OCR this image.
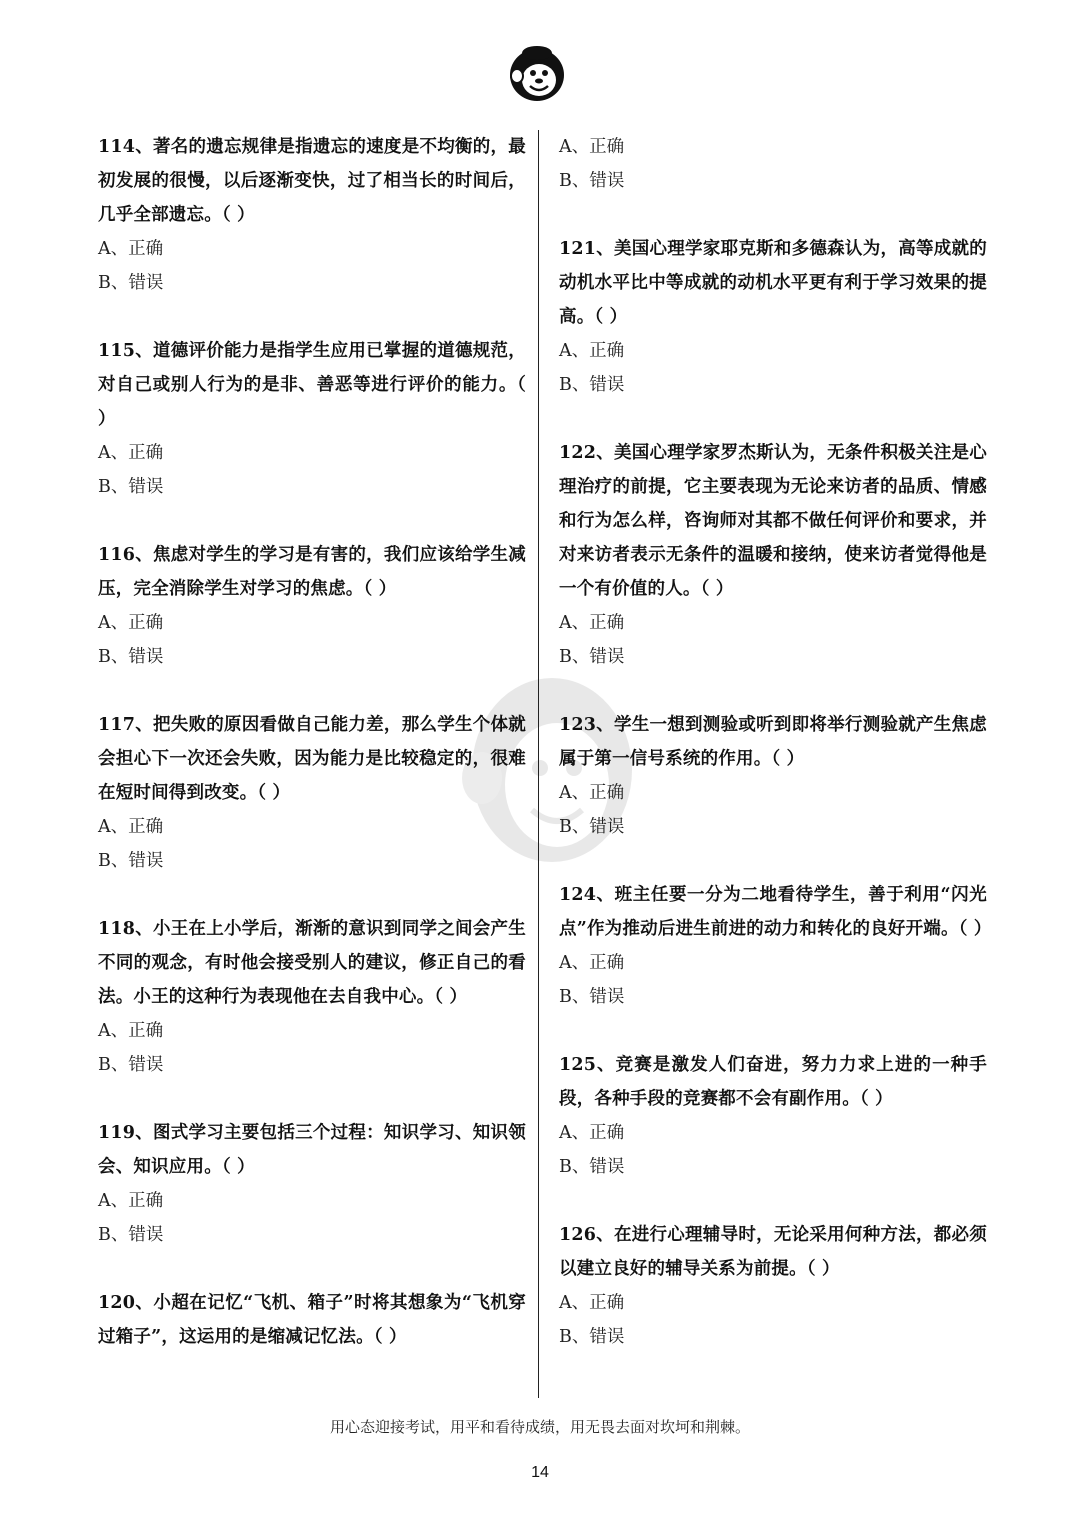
114、著名的遗忘规律是指遗忘的速度是不均衡的，最初发展的很慢，以后逐渐变快，过了相当长的时间后，几乎全部遗忘。（ ）

A、正确

B、错误

115、道德评价能力是指学生应用已掌握的道德规范，对自己或别人行为的是非、善恶等进行评价的能力。（ ）

A、正确

B、错误

116、焦虑对学生的学习是有害的，我们应该给学生减压，完全消除学生对学习的焦虑。（ ）

A、正确

B、错误

117、把失败的原因看做自己能力差，那么学生个体就会担心下一次还会失败，因为能力是比较稳定的，很难在短时间得到改变。（ ）

A、正确

B、错误

118、小王在上小学后，渐渐的意识到同学之间会产生不同的观念，有时他会接受别人的建议，修正自己的看法。小王的这种行为表现他在去自我中心。（ ）

A、正确

B、错误

119、图式学习主要包括三个过程：知识学习、知识领会、知识应用。（ ）

A、正确

B、错误

120、小超在记忆“飞机、箱子”时将其想象为“飞机穿过箱子”，这运用的是缩减记忆法。（ ）

A、正确

B、错误

121、美国心理学家耶克斯和多德森认为，高等成就的动机水平比中等成就的动机水平更有利于学习效果的提高。（ ）

A、正确

B、错误

122、美国心理学家罗杰斯认为，无条件积极关注是心理治疗的前提，它主要表现为无论来访者的品质、情感和行为怎么样，咨询师对其都不做任何评价和要求，并对来访者表示无条件的温暖和接纳，使来访者觉得他是一个有价值的人。（ ）

A、正确

B、错误

123、学生一想到测验或听到即将举行测验就产生焦虑属于第一信号系统的作用。（ ）

A、正确

B、错误

124、班主任要一分为二地看待学生，善于利用“闪光点”作为推动后进生前进的动力和转化的良好开端。（ ）

A、正确

B、错误

125、竞赛是激发人们奋进，努力力求上进的一种手段，各种手段的竞赛都不会有副作用。（ ）

A、正确

B、错误

126、在进行心理辅导时，无论采用何种方法，都必须以建立良好的辅导关系为前提。（ ）

A、正确

B、错误

用心态迎接考试，用平和看待成绩，用无畏去面对坎坷和荆棘。
14
